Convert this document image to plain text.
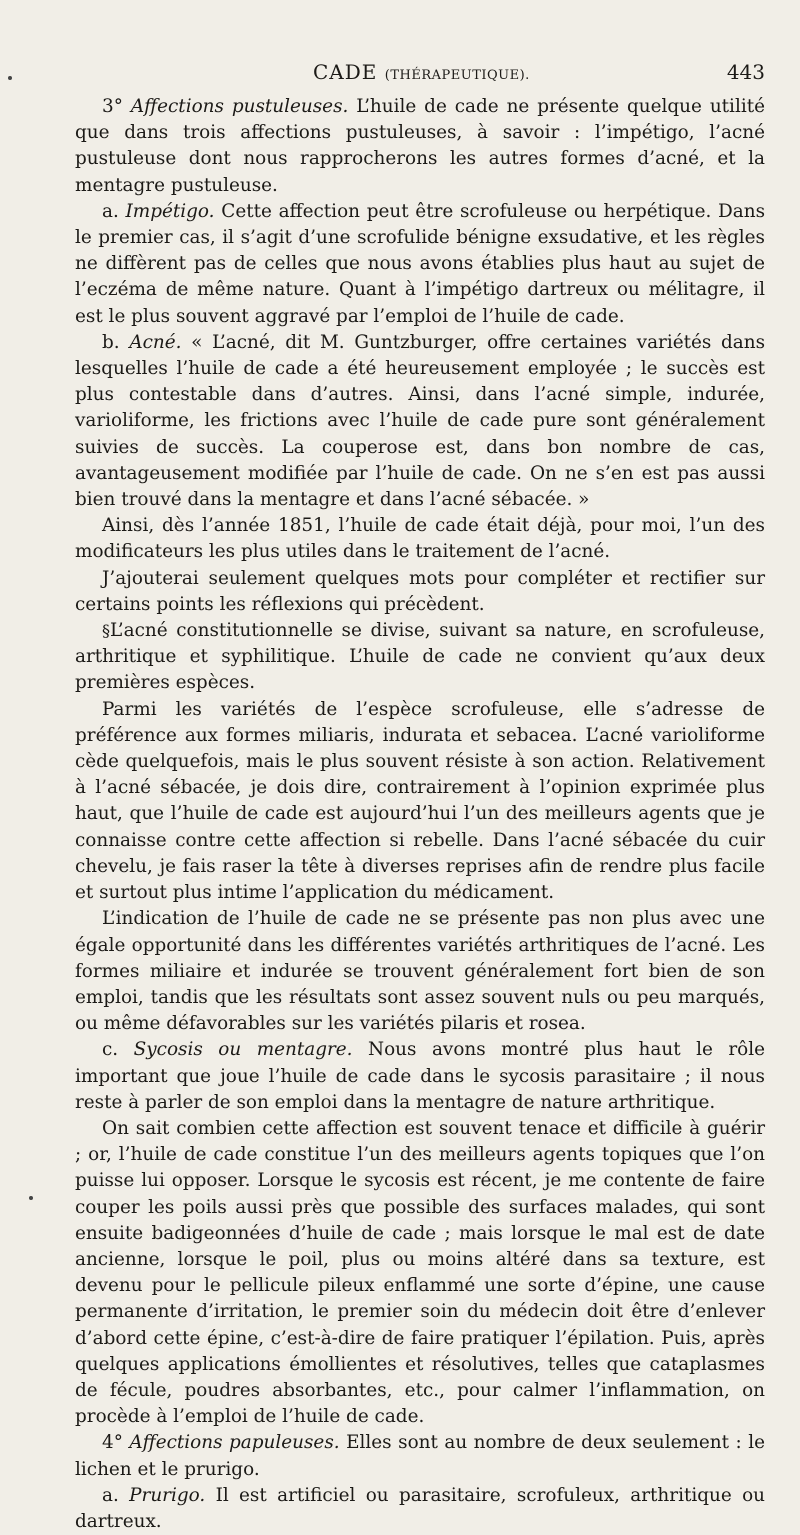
CADE (THÉRAPEUTIQUE).	443

3° Affections pustuleuses. L’huile de cade ne présente quelque utilité que dans trois affections pustuleuses, à savoir : l’impétigo, l’acné pustuleuse dont nous rapprocherons les autres formes d’acné, et la mentagre pustuleuse.

a. Impétigo. Cette affection peut être scrofuleuse ou herpétique. Dans le premier cas, il s’agit d’une scrofulide bénigne exsudative, et les règles ne diffèrent pas de celles que nous avons établies plus haut au sujet de l’eczéma de même nature. Quant à l’impétigo dartreux ou mélitagre, il est le plus souvent aggravé par l’emploi de l’huile de cade.

b. Acné. « L’acné, dit M. Guntzburger, offre certaines variétés dans lesquelles l’huile de cade a été heureusement employée ; le succès est plus contestable dans d’autres. Ainsi, dans l’acné simple, indurée, varioliforme, les frictions avec l’huile de cade pure sont généralement suivies de succès. La couperose est, dans bon nombre de cas, avantageusement modifiée par l’huile de cade. On ne s’en est pas aussi bien trouvé dans la mentagre et dans l’acné sébacée. »

Ainsi, dès l’année 1851, l’huile de cade était déjà, pour moi, l’un des modificateurs les plus utiles dans le traitement de l’acné.

J’ajouterai seulement quelques mots pour compléter et rectifier sur certains points les réflexions qui précèdent.

§L’acné constitutionnelle se divise, suivant sa nature, en scrofuleuse, arthritique et syphilitique. L’huile de cade ne convient qu’aux deux premières espèces.

Parmi les variétés de l’espèce scrofuleuse, elle s’adresse de préférence aux formes miliaris, indurata et sebacea. L’acné varioliforme cède quelquefois, mais le plus souvent résiste à son action. Relativement à l’acné sébacée, je dois dire, contrairement à l’opinion exprimée plus haut, que l’huile de cade est aujourd’hui l’un des meilleurs agents que je connaisse contre cette affection si rebelle. Dans l’acné sébacée du cuir chevelu, je fais raser la tête à diverses reprises afin de rendre plus facile et surtout plus intime l’application du médicament.

L’indication de l’huile de cade ne se présente pas non plus avec une égale opportunité dans les différentes variétés arthritiques de l’acné. Les formes miliaire et indurée se trouvent généralement fort bien de son emploi, tandis que les résultats sont assez souvent nuls ou peu marqués, ou même défavorables sur les variétés pilaris et rosea.

c. Sycosis ou mentagre. Nous avons montré plus haut le rôle important que joue l’huile de cade dans le sycosis parasitaire ; il nous reste à parler de son emploi dans la mentagre de nature arthritique.

On sait combien cette affection est souvent tenace et difficile à guérir ; or, l’huile de cade constitue l’un des meilleurs agents topiques que l’on puisse lui opposer. Lorsque le sycosis est récent, je me contente de faire couper les poils aussi près que possible des surfaces malades, qui sont ensuite badigeonnées d’huile de cade ; mais lorsque le mal est de date ancienne, lorsque le poil, plus ou moins altéré dans sa texture, est devenu pour le pellicule pileux enflammé une sorte d’épine, une cause permanente d’irritation, le premier soin du médecin doit être d’enlever d’abord cette épine, c’est-à-dire de faire pratiquer l’épilation. Puis, après quelques applications émollientes et résolutives, telles que cataplasmes de fécule, poudres absorbantes, etc., pour calmer l’inflammation, on procède à l’emploi de l’huile de cade.

4° Affections papuleuses. Elles sont au nombre de deux seulement : le lichen et le prurigo.

a. Prurigo. Il est artificiel ou parasitaire, scrofuleux, arthritique ou dartreux.
